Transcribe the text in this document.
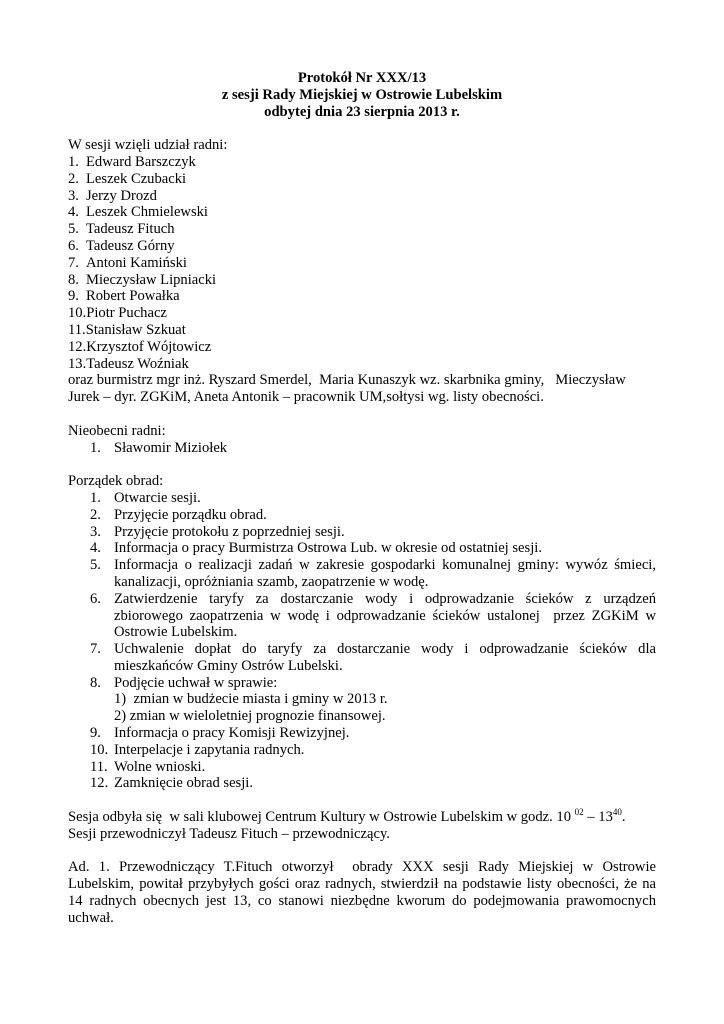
Protokół Nr XXX/13

z sesji Rady Miejskiej w Ostrowie Lubelskim

odbytej dnia 23 sierpnia 2013 r.

W sesji wzięli udział radni:

1. Edward Barszczyk
2. Leszek Czubacki
3. Jerzy Drozd
4. Leszek Chmielewski
5. Tadeusz Fituch
6. Tadeusz Górny
7. Antoni Kamiński
8. Mieczysław Lipniacki
9. Robert Powałka
10. Piotr Puchacz
11. Stanisław Szkuat
12. Krzysztof Wójtowicz
13. Tadeusz Woźniak

oraz burmistrz mgr inż. Ryszard Smerdel,  Maria Kunaszyk wz. skarbnika gminy,   Mieczysław

Jurek – dyr. ZGKiM, Aneta Antonik – pracownik UM,sołtysi wg. listy obecności.

Nieobecni radni:

1. Sławomir Miziołek

Porządek obrad:

1. Otwarcie sesji.
2. Przyjęcie porządku obrad.
3. Przyjęcie protokołu z poprzedniej sesji.
4. Informacja o pracy Burmistrza Ostrowa Lub. w okresie od ostatniej sesji.
5. Informacja o realizacji zadań w zakresie gospodarki komunalnej gminy: wywóz śmieci, kanalizacji, opróżniania szamb, zaopatrzenie w wodę.
6. Zatwierdzenie taryfy za dostarczanie wody i odprowadzanie ścieków z urządzeń zbiorowego zaopatrzenia w wodę i odprowadzanie ścieków ustalonej  przez ZGKiM w Ostrowie Lubelskim.
7. Uchwalenie dopłat do taryfy za dostarczanie wody i odprowadzanie ścieków dla mieszkańców Gminy Ostrów Lubelski.
8. Podjęcie uchwał w sprawie:

1)  zmian w budżecie miasta i gminy w 2013 r.

2) zmian w wieloletniej prognozie finansowej.

9. Informacja o pracy Komisji Rewizyjnej.
10. Interpelacje i zapytania radnych.
11. Wolne wnioski.
12. Zamknięcie obrad sesji.

Sesja odbyła się  w sali klubowej Centrum Kultury w Ostrowie Lubelskim w godz. 10 $^{02} - 13^{40}$.

Sesji przewodniczył Tadeusz Fituch – przewodniczący.

Ad. 1. Przewodniczący T.Fituch otworzył  obrady XXX sesji Rady Miejskiej w Ostrowie Lubelskim, powitał przybyłych gości oraz radnych, stwierdził na podstawie listy obecności, że na 14 radnych obecnych jest 13, co stanowi niezbędne kworum do podejmowania prawomocnych uchwał.
